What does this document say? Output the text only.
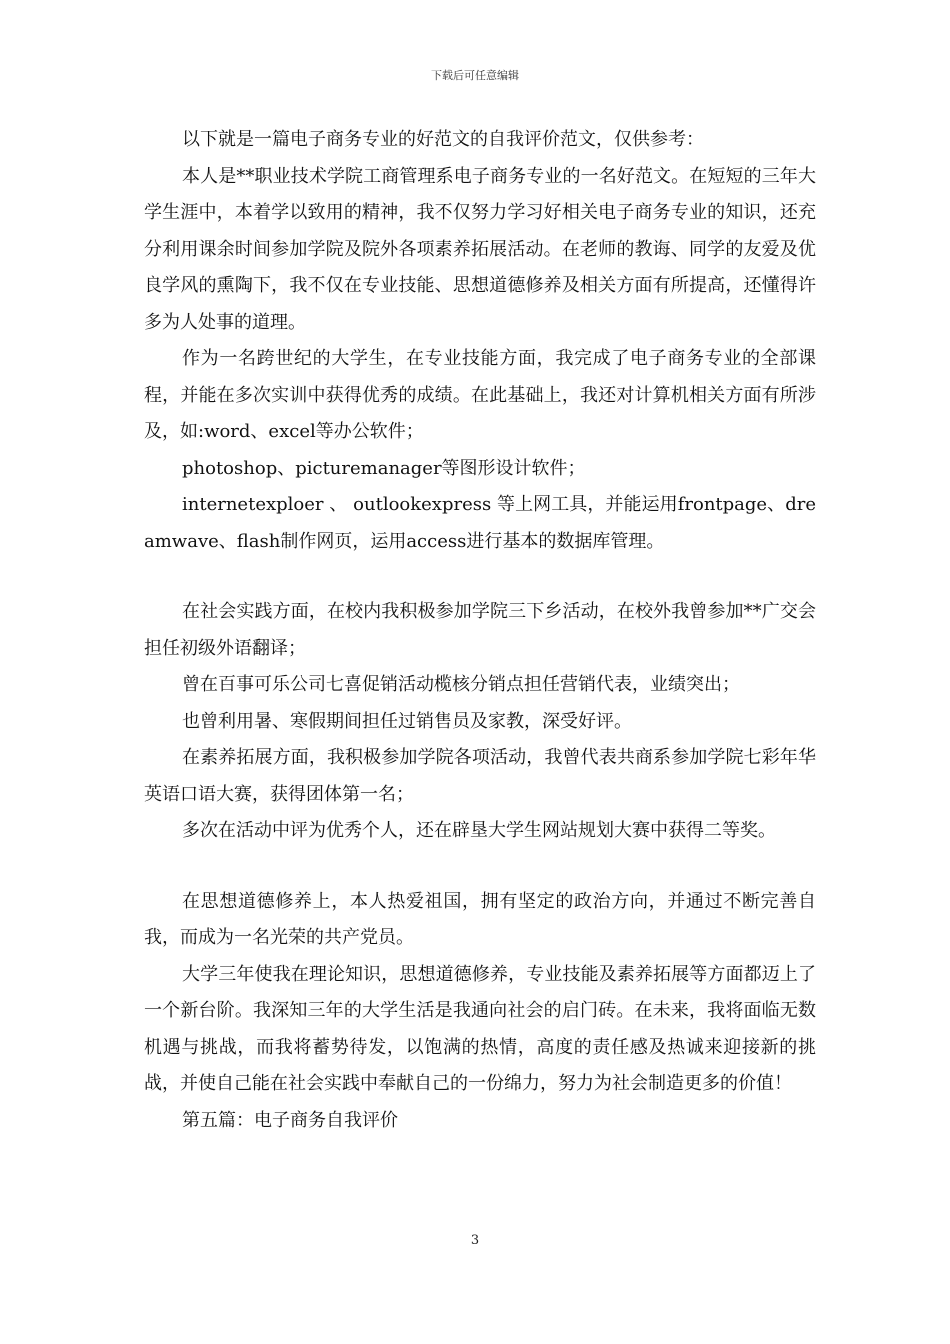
下载后可任意编辑

以下就是一篇电子商务专业的好范文的自我评价范文，仅供参考：

本人是**职业技术学院工商管理系电子商务专业的一名好范文。在短短的三年大学生涯中，本着学以致用的精神，我不仅努力学习好相关电子商务专业的知识，还充分利用课余时间参加学院及院外各项素养拓展活动。在老师的教诲、同学的友爱及优良学风的熏陶下，我不仅在专业技能、思想道德修养及相关方面有所提高，还懂得许多为人处事的道理。

作为一名跨世纪的大学生，在专业技能方面，我完成了电子商务专业的全部课程，并能在多次实训中获得优秀的成绩。在此基础上，我还对计算机相关方面有所涉及，如:word、excel等办公软件；

photoshop、picturemanager等图形设计软件；

internetexploer 、 outlookexpress 等上网工具，并能运用frontpage、dreamwave、flash制作网页，运用access进行基本的数据库管理。

在社会实践方面，在校内我积极参加学院三下乡活动，在校外我曾参加**广交会担任初级外语翻译；

曾在百事可乐公司七喜促销活动榄核分销点担任营销代表，业绩突出；

也曾利用暑、寒假期间担任过销售员及家教，深受好评。

在素养拓展方面，我积极参加学院各项活动，我曾代表共商系参加学院七彩年华英语口语大赛，获得团体第一名；

多次在活动中评为优秀个人，还在辟垦大学生网站规划大赛中获得二等奖。

在思想道德修养上，本人热爱祖国，拥有坚定的政治方向，并通过不断完善自我，而成为一名光荣的共产党员。

大学三年使我在理论知识，思想道德修养，专业技能及素养拓展等方面都迈上了一个新台阶。我深知三年的大学生活是我通向社会的启门砖。在未来，我将面临无数机遇与挑战，而我将蓄势待发，以饱满的热情，高度的责任感及热诚来迎接新的挑战，并使自己能在社会实践中奉献自己的一份绵力，努力为社会制造更多的价值！

第五篇：电子商务自我评价

3
